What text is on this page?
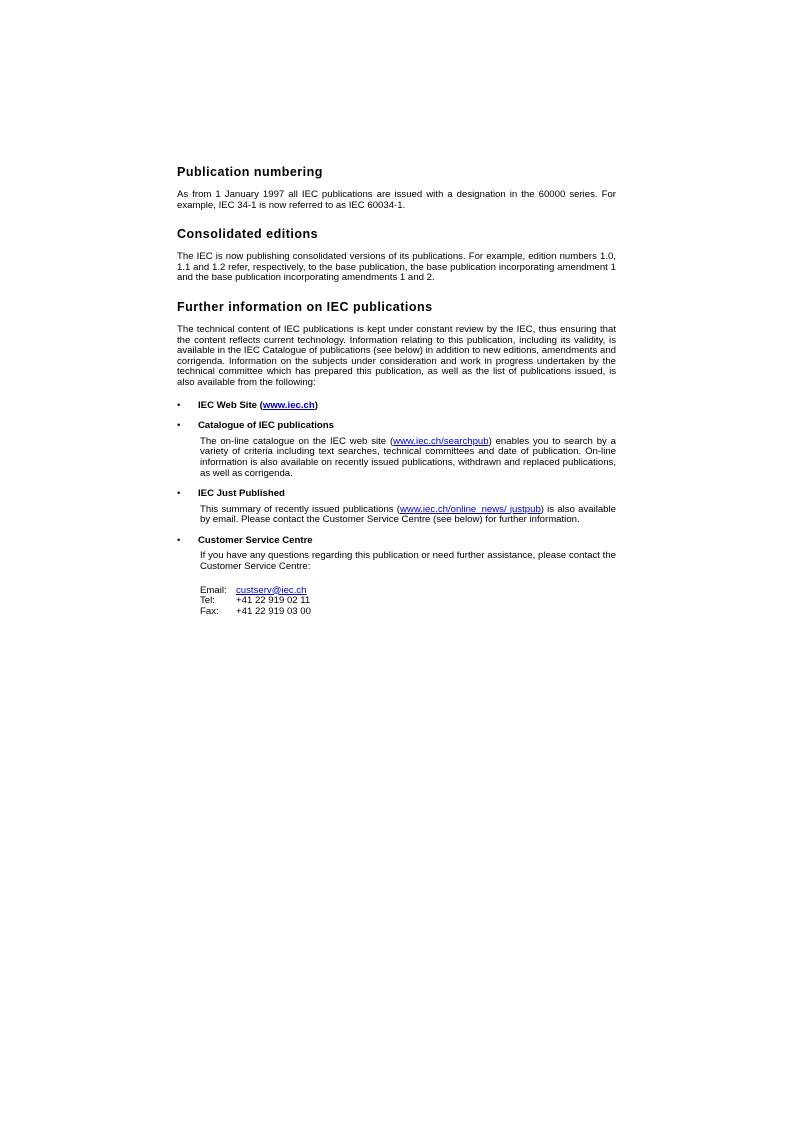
Publication numbering

As from 1 January 1997 all IEC publications are issued with a designation in the 60000 series. For example, IEC 34-1 is now referred to as IEC 60034-1.

Consolidated editions

The IEC is now publishing consolidated versions of its publications. For example, edition numbers 1.0, 1.1 and 1.2 refer, respectively, to the base publication, the base publication incorporating amendment 1 and the base publication incorporating amendments 1 and 2.

Further information on IEC publications

The technical content of IEC publications is kept under constant review by the IEC, thus ensuring that the content reflects current technology. Information relating to this publication, including its validity, is available in the IEC Catalogue of publications (see below) in addition to new editions, amendments and corrigenda. Information on the subjects under consideration and work in progress undertaken by the technical committee which has prepared this publication, as well as the list of publications issued, is also available from the following:

• IEC Web Site (www.iec.ch)
• Catalogue of IEC publications

The on-line catalogue on the IEC web site (www.iec.ch/searchpub) enables you to search by a variety of criteria including text searches, technical committees and date of publication. On-line information is also available on recently issued publications, withdrawn and replaced publications, as well as corrigenda.

• IEC Just Published

This summary of recently issued publications (www.iec.ch/online_news/ justpub) is also available by email. Please contact the Customer Service Centre (see below) for further information.

• Customer Service Centre

If you have any questions regarding this publication or need further assistance, please contact the Customer Service Centre:

Email: custserv@iec.ch
Tel:	+41 22 919 02 11
Fax:	+41 22 919 03 00
